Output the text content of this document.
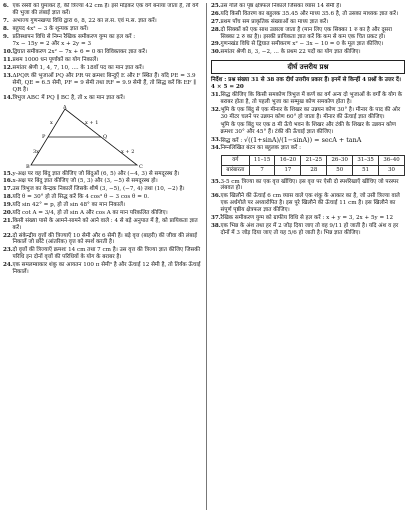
6. एक रस्सी को घुमाकर है, की त्रिज्या 42 cm है। इसे मोड़कर एक वर्ग बनाया जाता है, तो वर्ग की भुजा की लंबाई ज्ञात करें।
7. अभाज्य गुणनखण्ड विधि द्वारा 6, 8, 22 का ल.स. एवं म.स. ज्ञात करें।
8. बहुपद 4x² − 3 के शून्यक ज्ञात करें।
9. प्रतिस्थापन विधि से निम्न रैखिक समीकरण युग्म का हल करें :
7x − 15y = 2 और x + 2y = 3
10. द्विघात समीकरण 2x² − 7x + 6 = 0 का विविक्तकर ज्ञात करें।
11. प्रथम 1000 धन पूर्णांकों का योग निकालें।
12. समांतर श्रेणी 1, 4, 7, 10, .... के 18वाँ पद का मान ज्ञात करें।
13. ΔPQR की भुजाओं PQ और PR पर क्रमशः बिन्दुएँ E और F स्थित हैं। यदि PE = 3.9 सेमी, QE = 6.5 सेमी, PF = 9 सेमी तथा RF = 9.9 सेमी हैं, तो सिद्ध करें कि EF ∥ QR है।
14. त्रिभुज ABC में PQ ∥ BC है, तो x का मान ज्ञात करें।
A
P	Q
B	C
x	x + 1
x + 2
3x
15. y-अक्ष पर वह बिंदु ज्ञात कीजिए जो बिंदुओं (6, 5) और (−4, 3) से समदूरस्थ है।
16. x-अक्ष पर बिंदु ज्ञात कीजिए जो (5, 3) और (3, −5) से समदूरस्थ हो।
17. उस त्रिभुज का केन्द्रक निकालें जिसके शीर्ष (3, −5), (−7, 4) तथा (10, −2) है।
18. यदि θ = 30° हो तो सिद्ध करें कि 4 cos³ θ − 3 cos θ = 0.
19. यदि sin 42° = p, हो तो sin 48° का मान निकालें।
20. यदि cot A = 3/4, हो तो sin A और cos A का मान परिकलित कीजिए।
21. किसी संख्या पासे के आमने-सामने को आने वाले : 4 से बड़े अनुपात में है, को प्रायिकता ज्ञात करें।
22. दो संकेन्द्रीय वृत्तों की त्रिज्याएँ 10 सेमी और 6 सेमी हैं। बड़े वृत्त (बाहरी) की जीवा की लंबाई निकालें जो छोटे (आंतरिक) वृत्त को स्पर्श करती है।
23. दो वृत्तों की त्रिज्याएँ क्रमशः 14 cm तथा 7 cm है। उस वृत्त की त्रिज्या ज्ञात कीजिए जिसकी परिधि इन दोनों वृत्तों की परिधियों के योग के बराबर है।
24. एक समलम्बाकार शंकु का आयतन 100 π सेमी³ है और ऊँचाई 12 सेमी है, तो तिर्यक ऊँचाई निकालें।
25. उस गोले का पृष्ठ क्षेत्रफल निकालें जिसका व्यास 14 सेमी है।
26. यदि किसी वितरण का बहुलक 35.45 और माध्य 35.6 है, तो उसका माध्यक ज्ञात करें।
27. प्रथम पाँच सम प्राकृतिक संख्याओं का माध्य ज्ञात करें।
28. दो सिक्कों को एक साथ उछाला जाता है (मान लिए एक सिक्का 1 रु का है और दूसरा सिक्का 2 रु का है)। इसकी प्रायिकता ज्ञात करें कि कम से कम एक चित प्रकट हो।
29. गुणनखंड विधि से द्विघात समीकरण x² − 3x − 10 = 0 के मूल ज्ञात कीजिए।
30. समांतर श्रेणी 8, 3, −2, ... के प्रथम 22 पदों का योग ज्ञात कीजिए।
दीर्घ उत्तरीय प्रश्न
निर्देश : प्रश्न संख्या 31 से 38 तक दीर्घ उत्तरीय प्रकार हैं। इनमें से किन्हीं 4 प्रश्नों के उत्तर दें। 4 × 5 = 20
31. सिद्ध कीजिए कि किसी समकोण त्रिभुज में कर्ण का वर्ग अन्य दो भुजाओं के वर्गों के योग के बराबर होता है, तो पहली भुजा का सम्मुख कोण समकोण होता है।
32. भूमि के एक बिंदु से एक मीनार के शिखर का उन्नयन कोण 30° है। मीनार के पाद की ओर 30 मीटर चलने पर उन्नयन कोण 60° हो जाता है। मीनार की ऊँचाई ज्ञात कीजिए।
भूमि के एक बिंदु पर एक 8 मी ऊँचे भवन के शिखर और टंकी के शिखर के उन्नयन कोण क्रमशः 30° और 45° हैं। टंकी की ऊँचाई ज्ञात कीजिए।
33. सिद्ध करें : √((1+sinA)/(1−sinA)) = secA + tanA
34. निम्नलिखित बंटन का बहुलक ज्ञात करें :
वर्ग	11–15	16–20	21–25	26–30	31–35	36–40
बारंबारता	7	17	28	50	51	30
35. 3-5 cm त्रिज्या का एक वृत्त खींचिए। इस वृत्त पर ऐसी दो स्पर्शरेखाएँ खींचिए जो परस्पर लंबवत हो।
36. एक खिलौने की ऊँचाई 6 cm व्यास वाले एक शंकु के आकार का है, जो उसी त्रिज्या वाले एक अर्धगोले पर अध्यारोपित है। इस पूरे खिलौने की ऊँचाई 11 cm है। इस खिलौने का संपूर्ण पृष्ठीय क्षेत्रफल ज्ञात कीजिए।
37. रैखिक समीकरण युग्म को ग्राफीय विधि से हल करें : x + y = 3, 2x + 5y = 12
38. एक भिन्न के अंश तथा हर में 2 जोड़ दिया जाए तो वह 9/11 हो जाती है। यदि अंश व हर दोनों में 3 जोड़ दिया जाए तो यह 5/6 हो जाती है। भिन्न ज्ञात कीजिए।
